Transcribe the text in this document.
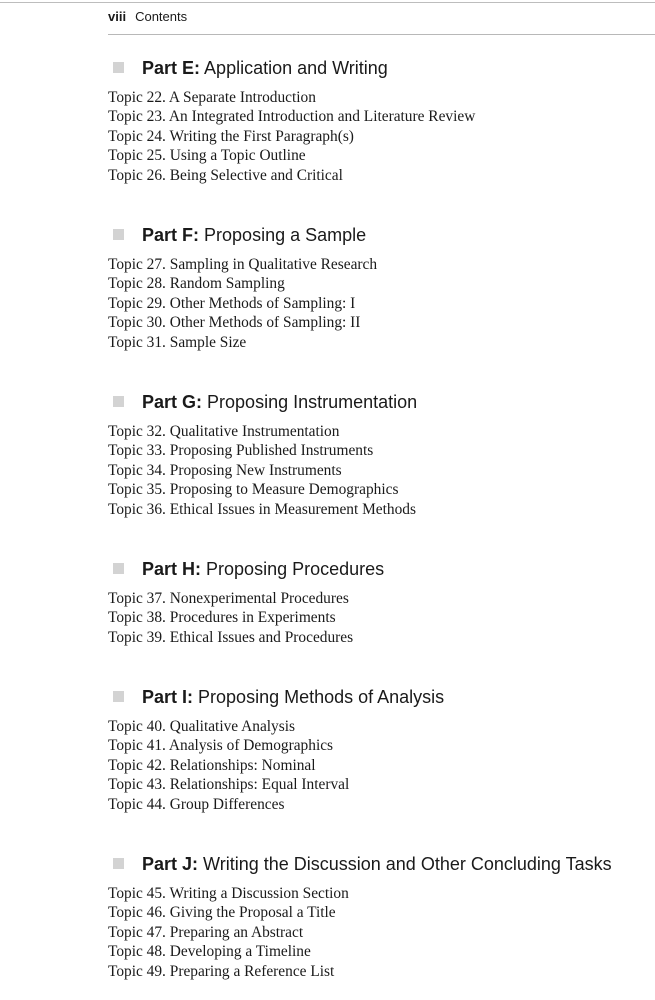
viii Contents
Part E: Application and Writing
Topic 22. A Separate Introduction
Topic 23. An Integrated Introduction and Literature Review
Topic 24. Writing the First Paragraph(s)
Topic 25. Using a Topic Outline
Topic 26. Being Selective and Critical
Part F: Proposing a Sample
Topic 27. Sampling in Qualitative Research
Topic 28. Random Sampling
Topic 29. Other Methods of Sampling: I
Topic 30. Other Methods of Sampling: II
Topic 31. Sample Size
Part G: Proposing Instrumentation
Topic 32. Qualitative Instrumentation
Topic 33. Proposing Published Instruments
Topic 34. Proposing New Instruments
Topic 35. Proposing to Measure Demographics
Topic 36. Ethical Issues in Measurement Methods
Part H: Proposing Procedures
Topic 37. Nonexperimental Procedures
Topic 38. Procedures in Experiments
Topic 39. Ethical Issues and Procedures
Part I: Proposing Methods of Analysis
Topic 40. Qualitative Analysis
Topic 41. Analysis of Demographics
Topic 42. Relationships: Nominal
Topic 43. Relationships: Equal Interval
Topic 44. Group Differences
Part J: Writing the Discussion and Other Concluding Tasks
Topic 45. Writing a Discussion Section
Topic 46. Giving the Proposal a Title
Topic 47. Preparing an Abstract
Topic 48. Developing a Timeline
Topic 49. Preparing a Reference List
